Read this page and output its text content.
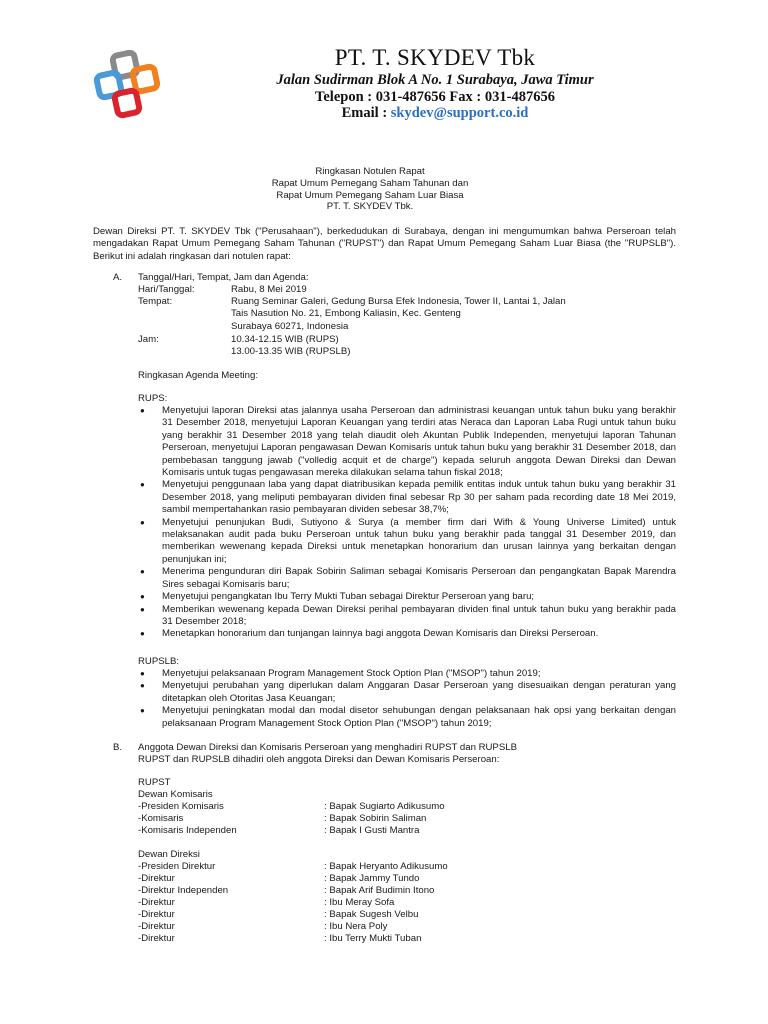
PT. T. SKYDEV Tbk
Jalan Sudirman Blok A No. 1 Surabaya, Jawa Timur
Telepon : 031-487656 Fax : 031-487656
Email : skydev@support.co.id
Ringkasan Notulen Rapat
Rapat Umum Pemegang Saham Tahunan dan
Rapat Umum Pemegang Saham Luar Biasa
PT. T. SKYDEV Tbk.
Dewan Direksi PT. T. SKYDEV Tbk ("Perusahaan"), berkedudukan di Surabaya, dengan ini mengumumkan bahwa Perseroan telah mengadakan Rapat Umum Pemegang Saham Tahunan ("RUPST") dan Rapat Umum Pemegang Saham Luar Biasa (the "RUPSLB"). Berikut ini adalah ringkasan dari notulen rapat:
A. Tanggal/Hari, Tempat, Jam dan Agenda:
Hari/Tanggal:	Rabu, 8 Mei 2019
Tempat:	Ruang Seminar Galeri, Gedung Bursa Efek Indonesia, Tower II, Lantai 1, Jalan
Tais Nasution No. 21, Embong Kaliasin, Kec. Genteng
Surabaya 60271, Indonesia
Jam:	10.34-12.15 WIB (RUPS)
13.00-13.35 WIB (RUPSLB)
Ringkasan Agenda Meeting:
RUPS:
● Menyetujui laporan Direksi atas jalannya usaha Perseroan dan administrasi keuangan untuk tahun buku yang berakhir 31 Desember 2018, menyetujui Laporan Keuangan yang terdiri atas Neraca dan Laporan Laba Rugi untuk tahun buku yang berakhir 31 Desember 2018 yang telah diaudit oleh Akuntan Publik Independen, menyetujui laporan Tahunan Perseroan, menyetujui Laporan pengawasan Dewan Komisaris untuk tahun buku yang berakhir 31 Desember 2018, dan pembebasan tanggung jawab ("volledig acquit et de charge") kepada seluruh anggota Dewan Direksi dan Dewan Komisaris untuk tugas pengawasan mereka dilakukan selama tahun fiskal 2018;
● Menyetujui penggunaan laba yang dapat diatribusikan kepada pemilik entitas induk untuk tahun buku yang berakhir 31 Desember 2018, yang meliputi pembayaran dividen final sebesar Rp 30 per saham pada recording date 18 Mei 2019, sambil mempertahankan rasio pembayaran dividen sebesar 38,7%;
● Menyetujui penunjukan Budi, Sutiyono & Surya (a member firm dari Wifh & Young Universe Limited) untuk melaksanakan audit pada buku Perseroan untuk tahun buku yang berakhir pada tanggal 31 Desember 2019, dan memberikan wewenang kepada Direksi untuk menetapkan honorarium dan urusan lainnya yang berkaitan dengan penunjukan ini;
● Menerima pengunduran diri Bapak Sobirin Saliman sebagai Komisaris Perseroan dan pengangkatan Bapak Marendra Sires sebagai Komisaris baru;
● Menyetujui pengangkatan Ibu Terry Mukti Tuban sebagai Direktur Perseroan yang baru;
● Memberikan wewenang kepada Dewan Direksi perihal pembayaran dividen final untuk tahun buku yang berakhir pada 31 Desember 2018;
● Menetapkan honorarium dan tunjangan lainnya bagi anggota Dewan Komisaris dan Direksi Perseroan.
RUPSLB:
● Menyetujui pelaksanaan Program Management Stock Option Plan ("MSOP") tahun 2019;
● Menyetujui perubahan yang diperlukan dalam Anggaran Dasar Perseroan yang disesuaikan dengan peraturan yang ditetapkan oleh Otoritas Jasa Keuangan;
● Menyetujui peningkatan modal dan modal disetor sehubungan dengan pelaksanaan hak opsi yang berkaitan dengan pelaksanaan Program Management Stock Option Plan ("MSOP") tahun 2019;
B. Anggota Dewan Direksi dan Komisaris Perseroan yang menghadiri RUPST dan RUPSLB
RUPST dan RUPSLB dihadiri oleh anggota Direksi dan Dewan Komisaris Perseroan:
RUPST
Dewan Komisaris
-Presiden Komisaris	: Bapak Sugiarto Adikusumo
-Komisaris	: Bapak Sobirin Saliman
-Komisaris Independen	: Bapak I Gusti Mantra
Dewan Direksi
-Presiden Direktur	: Bapak Heryanto Adikusumo
-Direktur	: Bapak Jammy Tundo
-Direktur Independen	: Bapak Arif Budimin Itono
-Direktur	: Ibu Meray Sofa
-Direktur	: Bapak Sugesh Velbu
-Direktur	: Ibu Nera Poly
-Direktur	: Ibu Terry Mukti Tuban
